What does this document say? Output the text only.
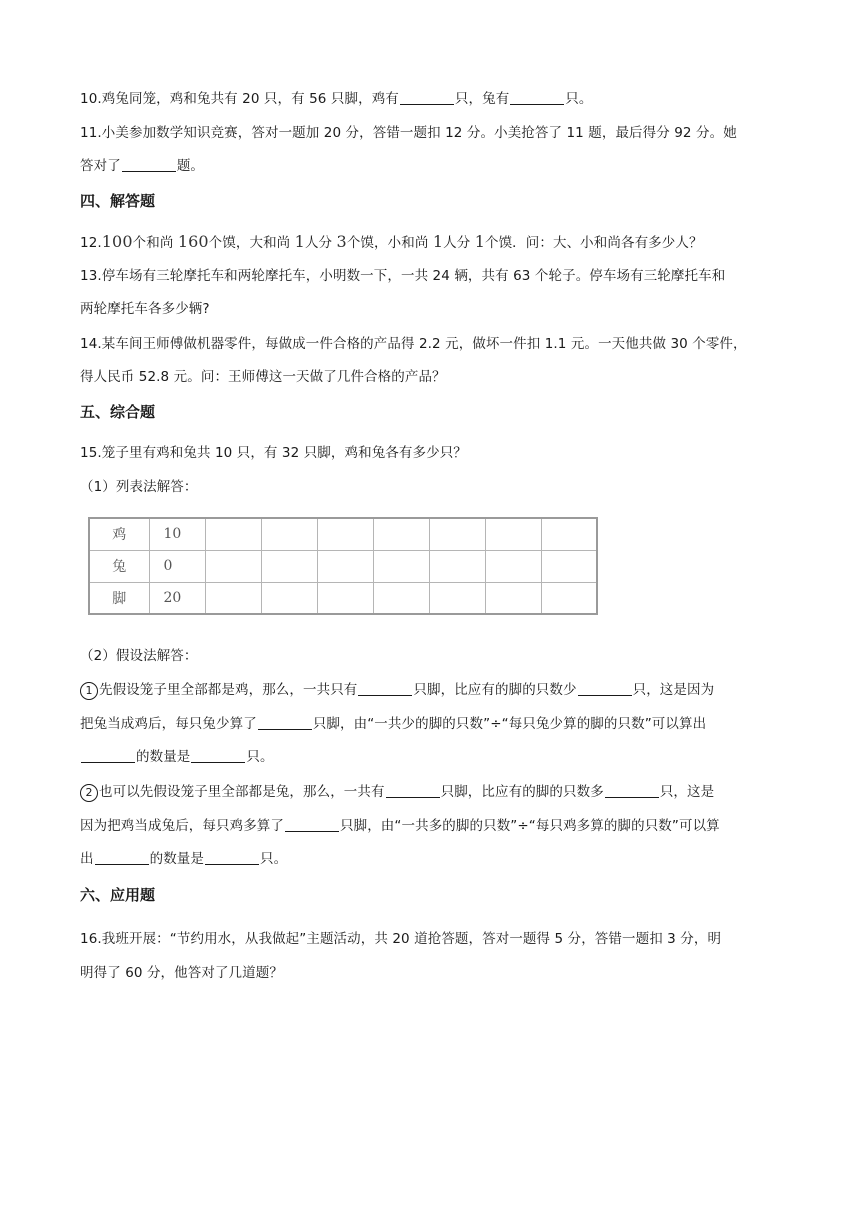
10.鸡兔同笼，鸡和兔共有 20 只，有 56 只脚，鸡有	只，兔有	只。
11.小美参加数学知识竞赛，答对一题加 20 分，答错一题扣 12 分。小美抢答了 11 题，最后得分 92 分。她
答对了	题。
四、解答题
12.100个和尚 160个馍，大和尚 1人分 3个馍，小和尚 1人分 1个馍．问：大、小和尚各有多少人？
13.停车场有三轮摩托车和两轮摩托车，小明数一下，一共 24 辆，共有 63 个轮子。停车场有三轮摩托车和
两轮摩托车各多少辆?
14.某车间王师傅做机器零件，每做成一件合格的产品得 2.2 元，做坏一件扣 1.1 元。一天他共做 30 个零件，
得人民币 52.8 元。问：王师傅这一天做了几件合格的产品？
五、综合题
15.笼子里有鸡和兔共 10 只，有 32 只脚，鸡和兔各有多少只？
（1）列表法解答：
鸡	10							
兔	0							
脚	20							
（2）假设法解答：
1 先假设笼子里全部都是鸡，那么，一共只有	只脚，比应有的脚的只数少	只，这是因为
把兔当成鸡后，每只兔少算了	只脚，由“一共少的脚的只数”÷“每只兔少算的脚的只数”可以算出
的数量是	只。
2 也可以先假设笼子里全部都是兔，那么，一共有	只脚，比应有的脚的只数多	只，这是
因为把鸡当成兔后，每只鸡多算了	只脚，由“一共多的脚的只数”÷“每只鸡多算的脚的只数”可以算
出	的数量是	只。
六、应用题
16.我班开展：“节约用水，从我做起”主题活动，共 20 道抢答题，答对一题得 5 分，答错一题扣 3 分，明
明得了 60 分，他答对了几道题？
